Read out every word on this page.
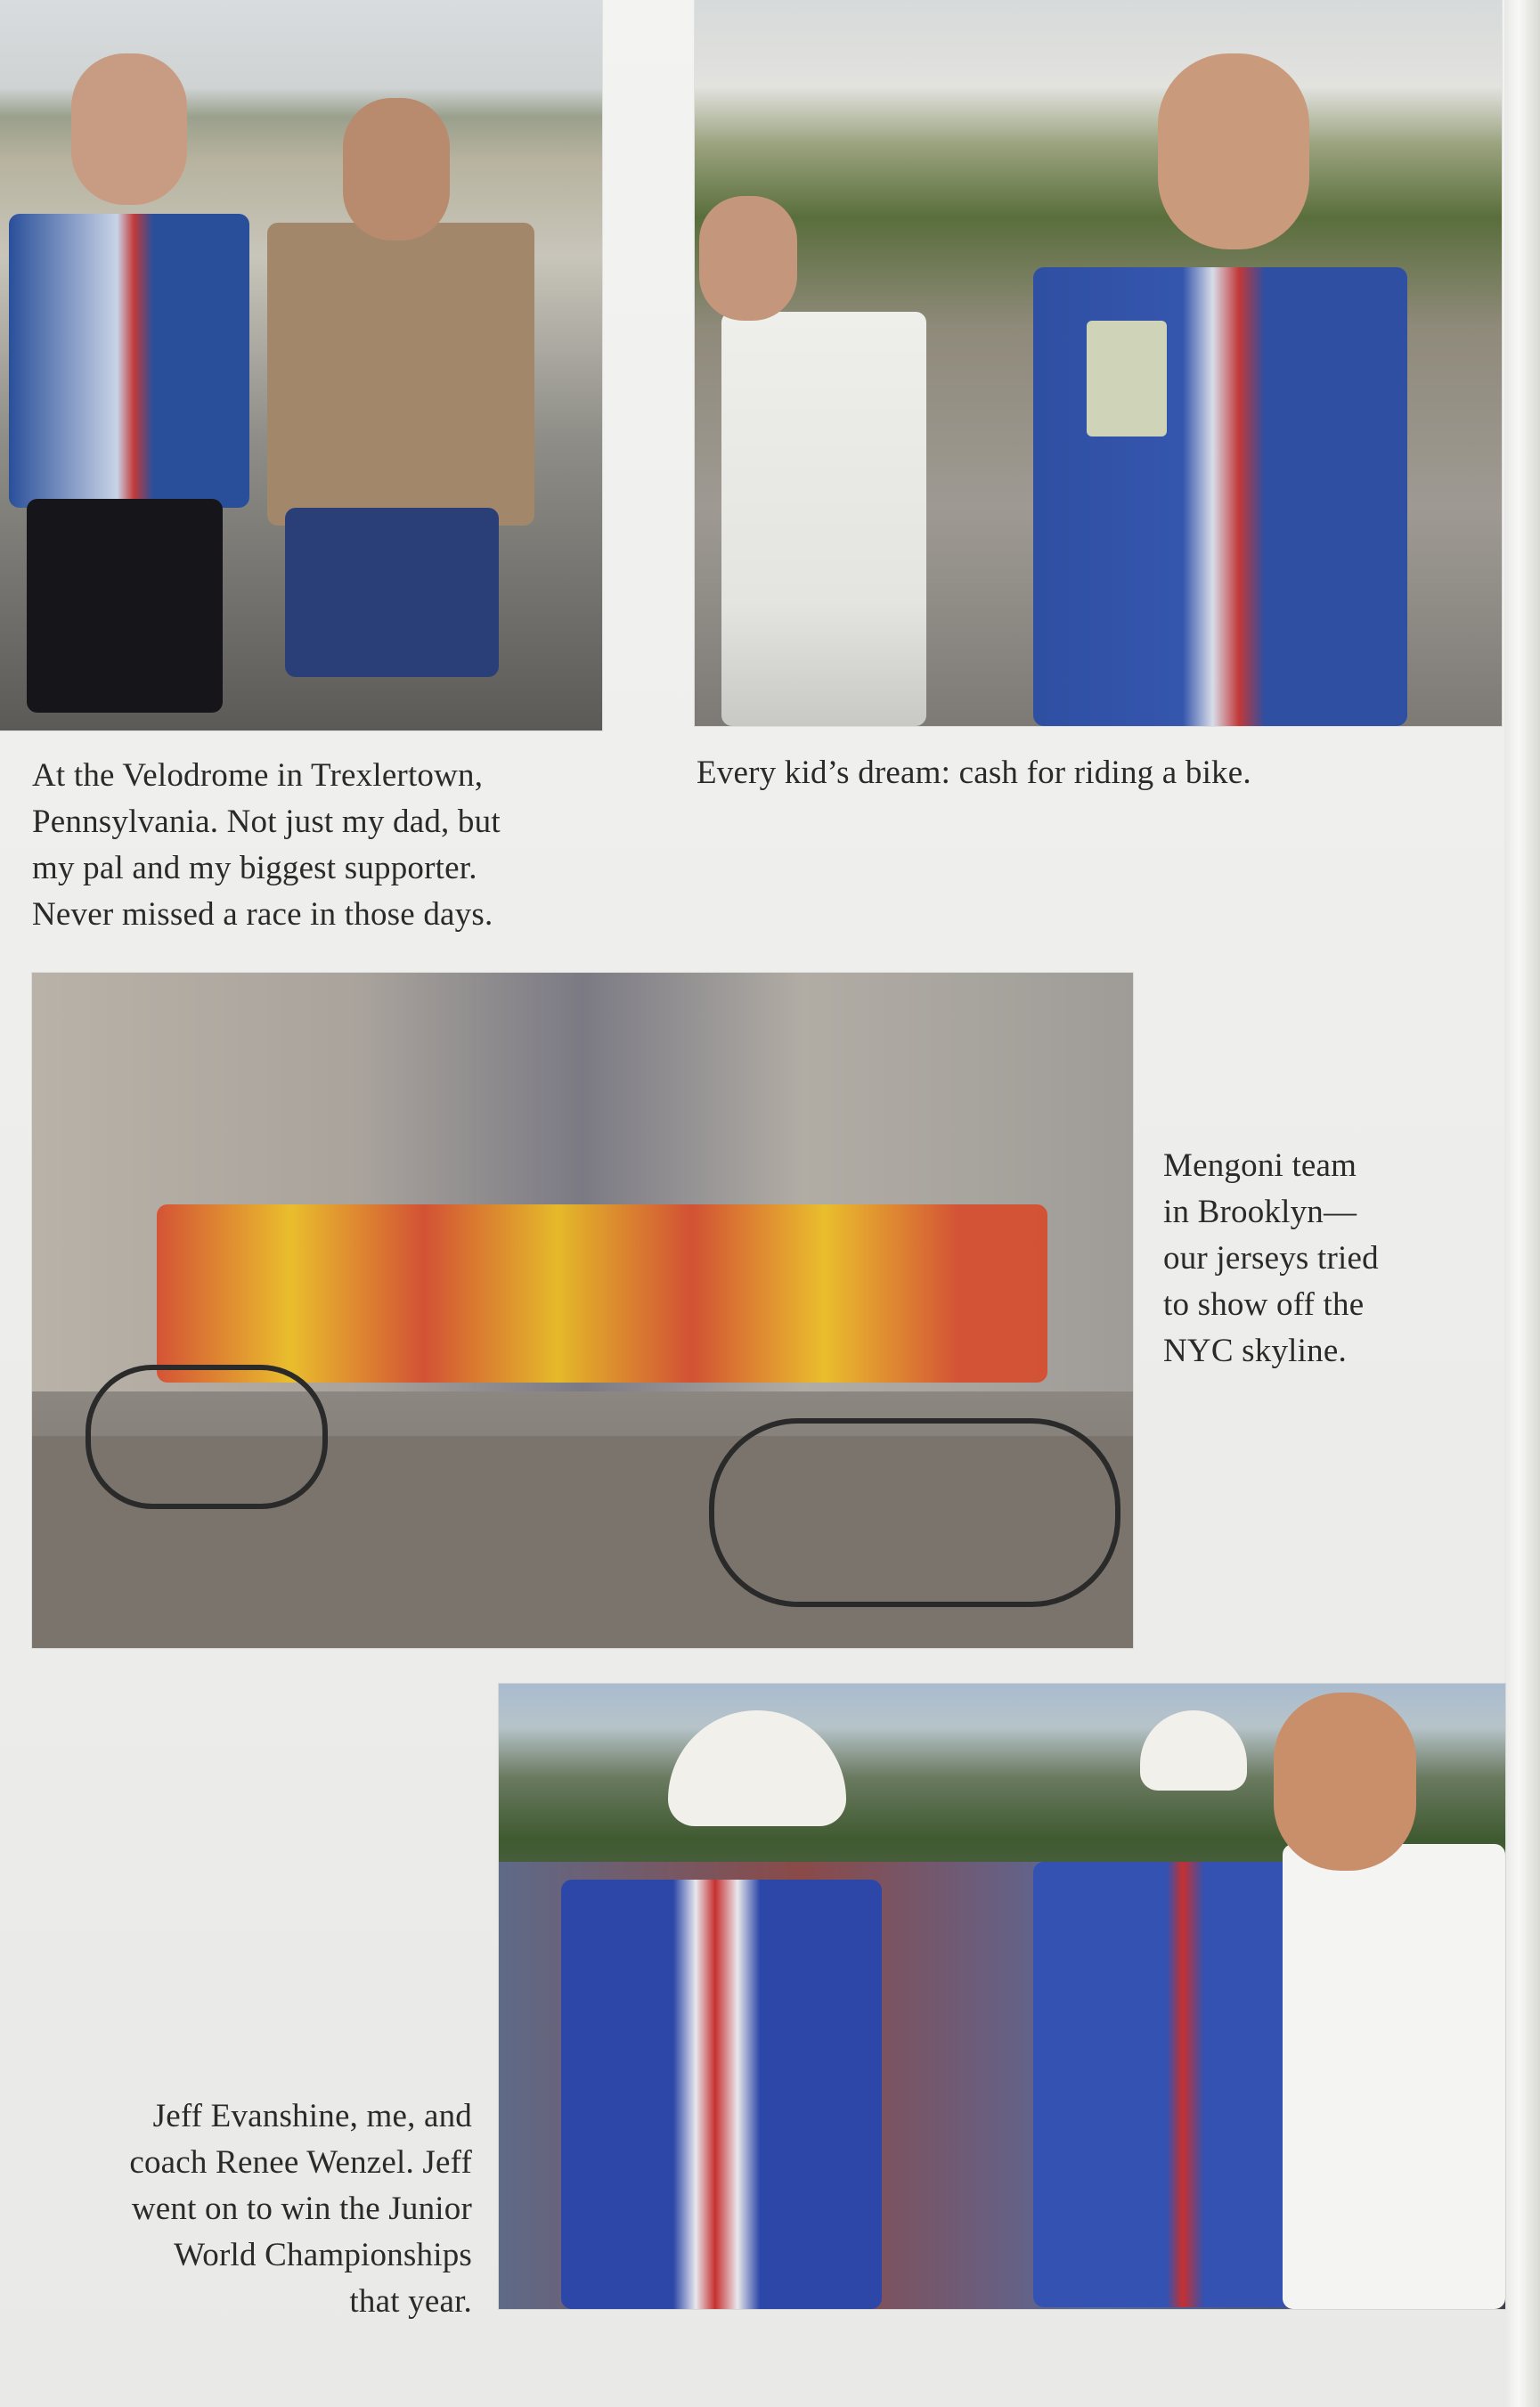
At the Velodrome in Trexlertown,
Pennsylvania. Not just my dad, but
my pal and my biggest supporter.
Never missed a race in those days.
Every kid’s dream: cash for riding a bike.
Mengoni team
in Brooklyn—
our jerseys tried
to show off the
NYC skyline.
Jeff Evanshine, me, and
coach Renee Wenzel. Jeff
went on to win the Junior
World Championships
that year.
